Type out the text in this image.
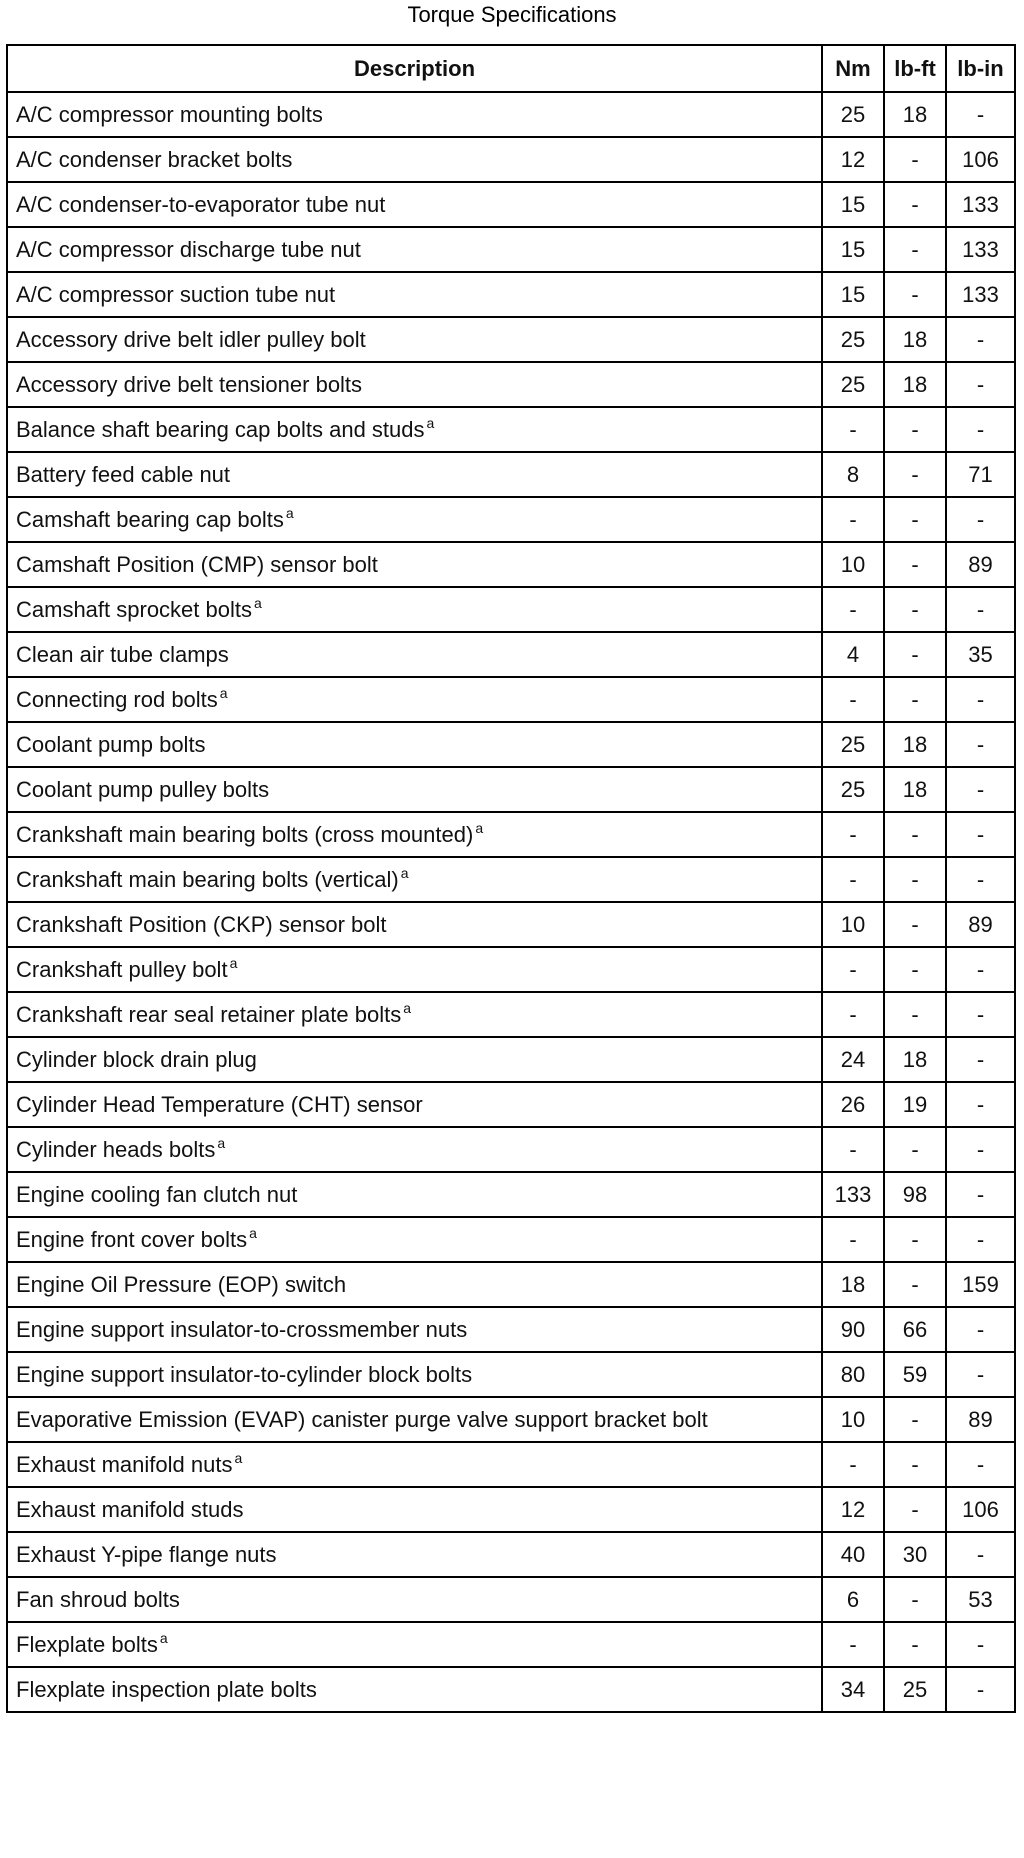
Torque Specifications
Description	Nm	lb-ft	lb-in
A/C compressor mounting bolts	25	18	-
A/C condenser bracket bolts	12	-	106
A/C condenser-to-evaporator tube nut	15	-	133
A/C compressor discharge tube nut	15	-	133
A/C compressor suction tube nut	15	-	133
Accessory drive belt idler pulley bolt	25	18	-
Accessory drive belt tensioner bolts	25	18	-
Balance shaft bearing cap bolts and studs $^a$	-	-	-
Battery feed cable nut	8	-	71
Camshaft bearing cap bolts $^a$	-	-	-
Camshaft Position (CMP) sensor bolt	10	-	89
Camshaft sprocket bolts $^a$	-	-	-
Clean air tube clamps	4	-	35
Connecting rod bolts $^a$	-	-	-
Coolant pump bolts	25	18	-
Coolant pump pulley bolts	25	18	-
Crankshaft main bearing bolts (cross mounted) $^a$	-	-	-
Crankshaft main bearing bolts (vertical) $^a$	-	-	-
Crankshaft Position (CKP) sensor bolt	10	-	89
Crankshaft pulley bolt $^a$	-	-	-
Crankshaft rear seal retainer plate bolts $^a$	-	-	-
Cylinder block drain plug	24	18	-
Cylinder Head Temperature (CHT) sensor	26	19	-
Cylinder heads bolts $^a$	-	-	-
Engine cooling fan clutch nut	133	98	-
Engine front cover bolts $^a$	-	-	-
Engine Oil Pressure (EOP) switch	18	-	159
Engine support insulator-to-crossmember nuts	90	66	-
Engine support insulator-to-cylinder block bolts	80	59	-
Evaporative Emission (EVAP) canister purge valve support bracket bolt	10	-	89
Exhaust manifold nuts $^a$	-	-	-
Exhaust manifold studs	12	-	106
Exhaust Y-pipe flange nuts	40	30	-
Fan shroud bolts	6	-	53
Flexplate bolts $^a$	-	-	-
Flexplate inspection plate bolts	34	25	-
